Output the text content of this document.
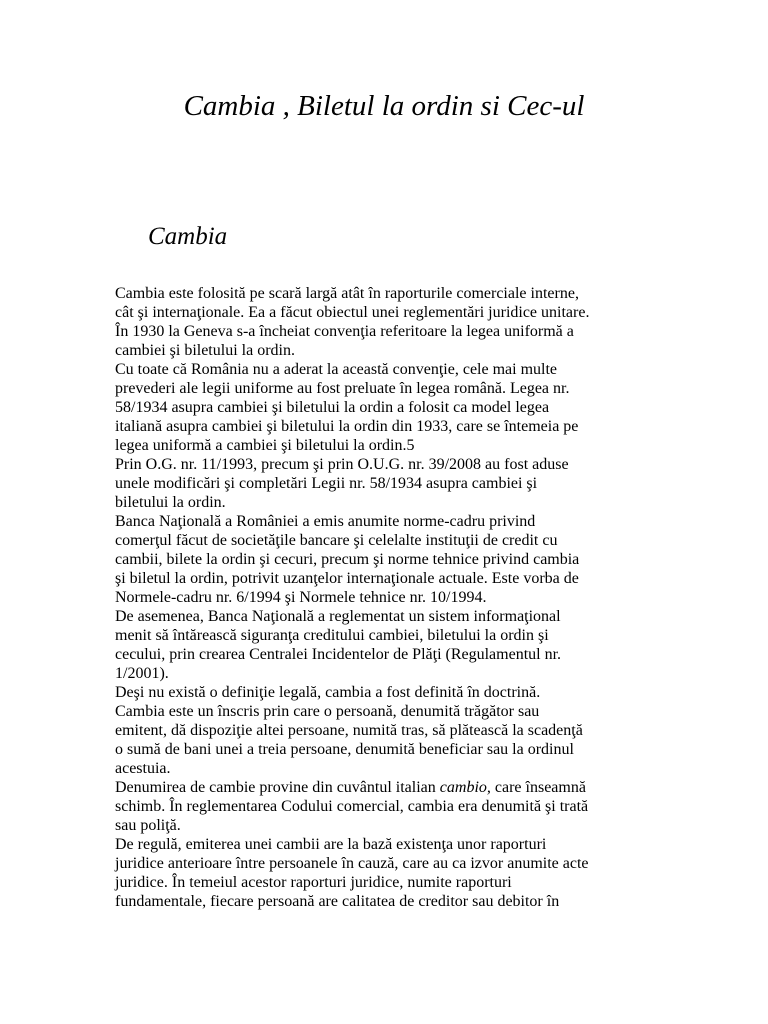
Cambia , Biletul la ordin si Cec-ul
Cambia
Cambia este folosită pe scară largă atât în raporturile comerciale interne,
cât şi internaţionale. Ea a făcut obiectul unei reglementări juridice unitare.
În 1930 la Geneva s-a încheiat convenţia referitoare la legea uniformă a
cambiei şi biletului la ordin.
Cu toate că România nu a aderat la această convenţie, cele mai multe
prevederi ale legii uniforme au fost preluate în legea română. Legea nr.
58/1934 asupra cambiei şi biletului la ordin a folosit ca model legea
italiană asupra cambiei şi biletului la ordin din 1933, care se întemeia pe
legea uniformă a cambiei şi biletului la ordin.5
Prin O.G. nr. 11/1993, precum şi prin O.U.G. nr. 39/2008 au fost aduse
unele modificări şi completări Legii nr. 58/1934 asupra cambiei şi
biletului la ordin.
Banca Naţională a României a emis anumite norme-cadru privind
comerţul făcut de societăţile bancare şi celelalte instituţii de credit cu
cambii, bilete la ordin şi cecuri, precum şi norme tehnice privind cambia
şi biletul la ordin, potrivit uzanţelor internaţionale actuale. Este vorba de
Normele-cadru nr. 6/1994 şi Normele tehnice nr. 10/1994.
De asemenea, Banca Naţională a reglementat un sistem informaţional
menit să întărească siguranţa creditului cambiei, biletului la ordin şi
cecului, prin crearea Centralei Incidentelor de Plăţi (Regulamentul nr.
1/2001).
Deşi nu există o definiţie legală, cambia a fost definită în doctrină.
Cambia este un înscris prin care o persoană, denumită trăgător sau
emitent, dă dispoziţie altei persoane, numită tras, să plătească la scadenţă
o sumă de bani unei a treia persoane, denumită beneficiar sau la ordinul
acestuia.
Denumirea de cambie provine din cuvântul italian cambio, care înseamnă
schimb. În reglementarea Codului comercial, cambia era denumită şi trată
sau poliţă.
De regulă, emiterea unei cambii are la bază existenţa unor raporturi
juridice anterioare între persoanele în cauză, care au ca izvor anumite acte
juridice. În temeiul acestor raporturi juridice, numite raporturi
fundamentale, fiecare persoană are calitatea de creditor sau debitor în
